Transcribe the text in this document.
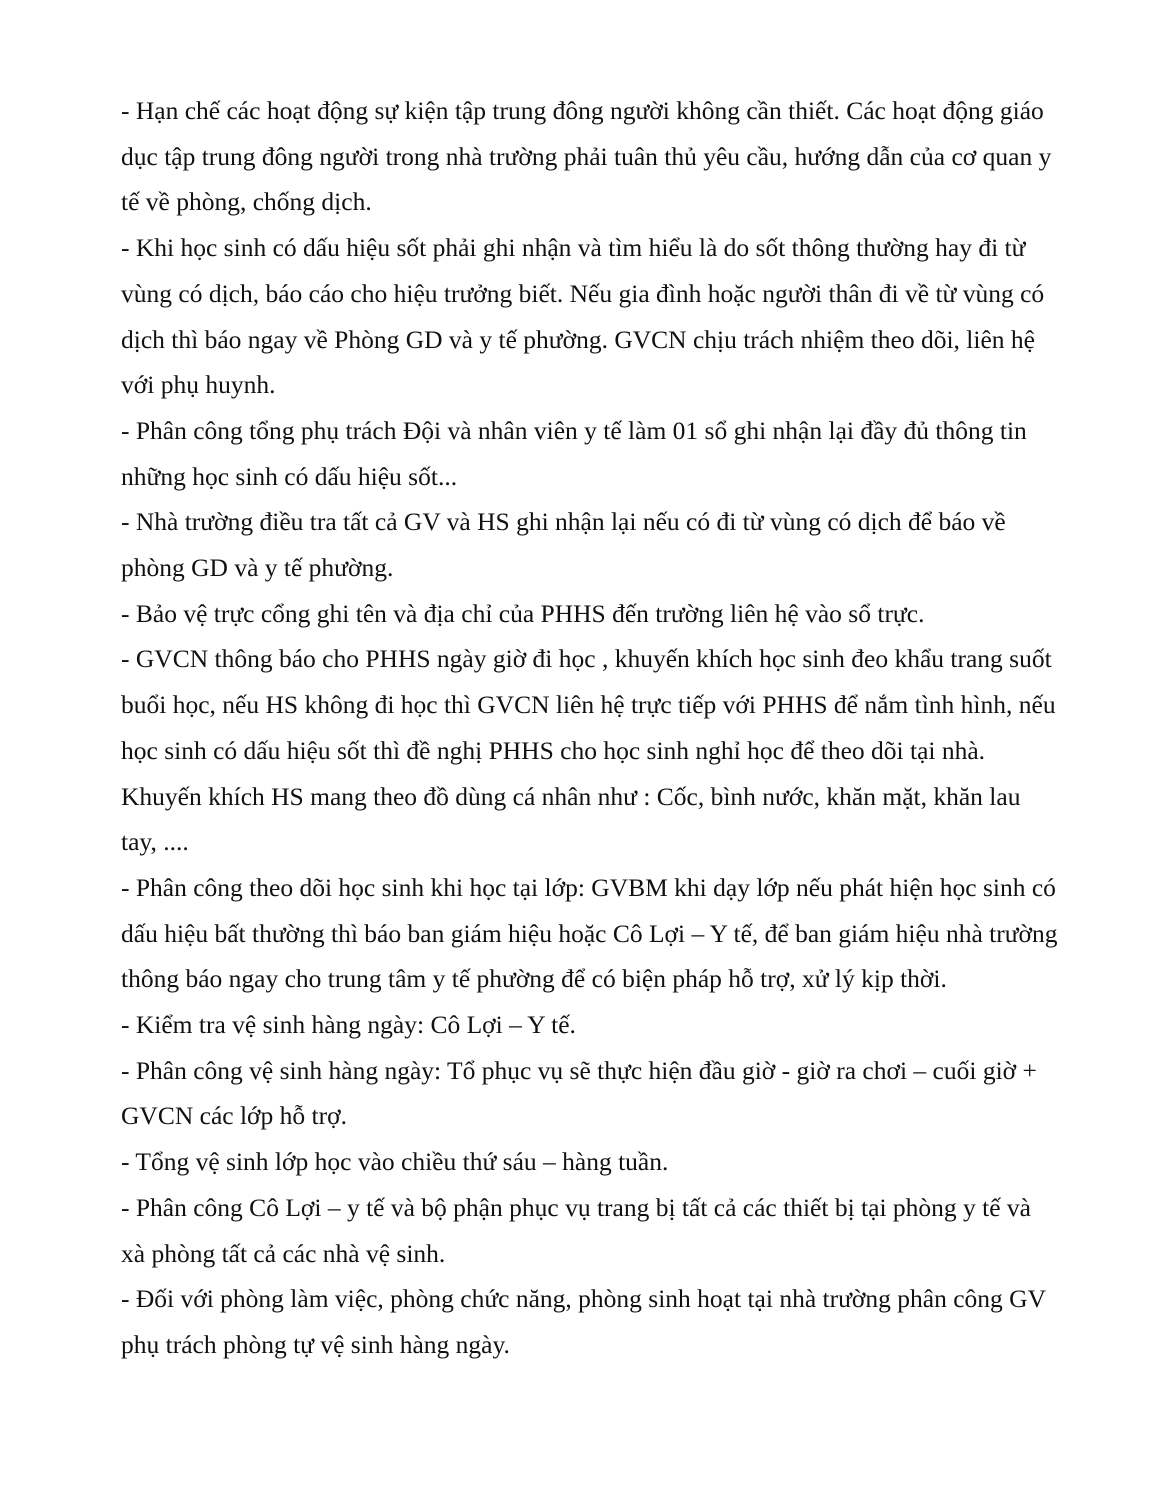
- Hạn chế các hoạt động sự kiện tập trung đông người không cần thiết. Các hoạt động giáo dục tập trung đông người trong nhà trường phải tuân thủ yêu cầu, hướng dẫn của cơ quan y tế về phòng, chống dịch.

- Khi học sinh có dấu hiệu sốt phải ghi nhận và tìm hiểu là do sốt thông thường hay đi từ vùng có dịch, báo cáo cho hiệu trưởng biết. Nếu gia đình hoặc người thân đi về từ vùng có dịch thì báo ngay về Phòng GD và y tế phường. GVCN chịu trách nhiệm theo dõi, liên hệ với phụ huynh.

- Phân công tổng phụ trách Đội và nhân viên y tế làm 01 sổ ghi nhận lại đầy đủ thông tin những học sinh có dấu hiệu sốt...

- Nhà trường điều tra tất cả GV và HS ghi nhận lại nếu có đi từ vùng có dịch để báo về phòng GD và y tế phường.

- Bảo vệ trực cổng ghi tên và địa chỉ của PHHS đến trường liên hệ vào sổ trực.

- GVCN thông báo cho PHHS ngày giờ đi học , khuyến khích học sinh đeo khẩu trang suốt buổi học, nếu HS không đi học thì GVCN liên hệ trực tiếp với PHHS để nắm tình hình, nếu học sinh có dấu hiệu sốt thì đề nghị PHHS cho học sinh nghỉ học để theo dõi tại nhà. Khuyến khích HS mang theo đồ dùng cá nhân như : Cốc, bình nước, khăn mặt, khăn lau tay, ....

- Phân công theo dõi học sinh khi học tại lớp: GVBM khi dạy lớp nếu phát hiện học sinh có dấu hiệu bất thường thì báo ban giám hiệu hoặc Cô Lợi – Y tế, để ban giám hiệu nhà trường thông báo ngay cho trung tâm y tế phường để có biện pháp hỗ trợ, xử lý kịp thời.

- Kiểm tra vệ sinh hàng ngày: Cô Lợi – Y tế.

- Phân công vệ sinh hàng ngày: Tổ phục vụ sẽ thực hiện đầu giờ - giờ ra chơi – cuối giờ + GVCN các lớp hỗ trợ.

- Tổng vệ sinh lớp học vào chiều thứ sáu – hàng tuần.

- Phân công Cô Lợi – y tế và bộ phận phục vụ trang bị tất cả các thiết bị tại phòng y tế và xà phòng tất cả các nhà vệ sinh.

- Đối với phòng làm việc, phòng chức năng, phòng sinh hoạt tại nhà trường phân công GV phụ trách phòng tự vệ sinh hàng ngày.
